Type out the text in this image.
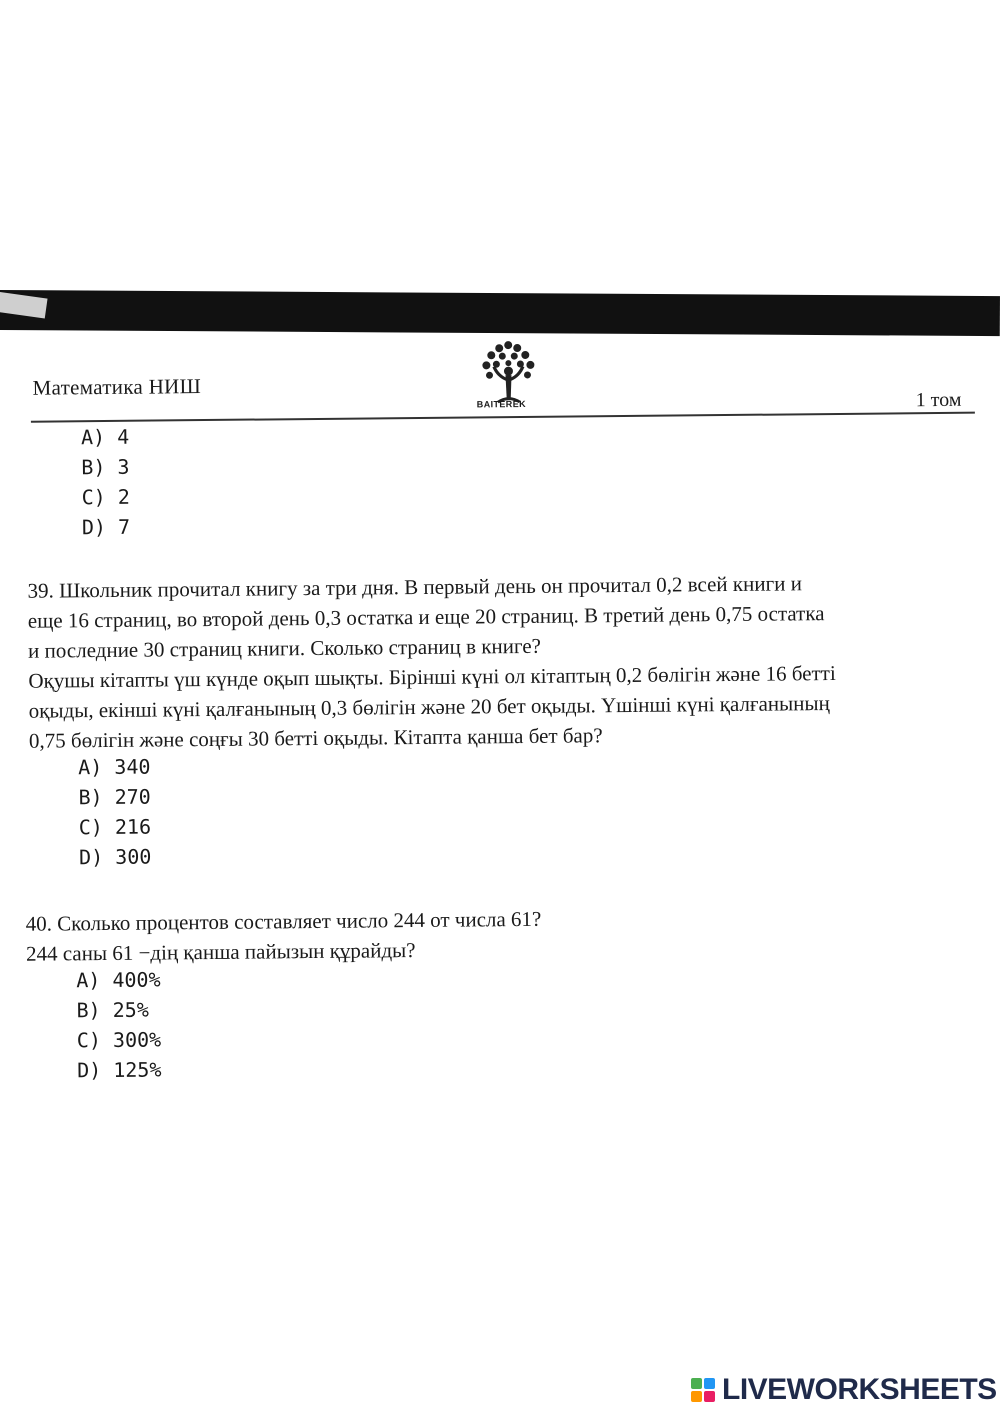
Математика НИШ
BAITEREK	1 том
A) 4
B) 3
C) 2
D) 7
39. Школьник прочитал книгу за три дня. В первый день он прочитал 0,2 всей книги и
еще 16 страниц, во второй день 0,3 остатка и еще 20 страниц. В третий день 0,75 остатка
и последние 30 страниц книги. Сколько страниц в книге?
Оқушы кітапты үш күнде оқып шықты. Бірінші күні ол кітаптың 0,2 бөлігін және 16 бетті
оқыды, екінші күні қалғанының 0,3 бөлігін және 20 бет оқыды. Үшінші күні қалғанының
0,75 бөлігін және соңғы 30 бетті оқыды. Кітапта қанша бет бар?
A) 340
B) 270
C) 216
D) 300
40. Сколько процентов составляет число 244 от числа 61?
244 саны 61 −дің қанша пайызын құрайды?
A) 400%
B) 25%
C) 300%
D) 125%
LIVEWORKSHEETS
